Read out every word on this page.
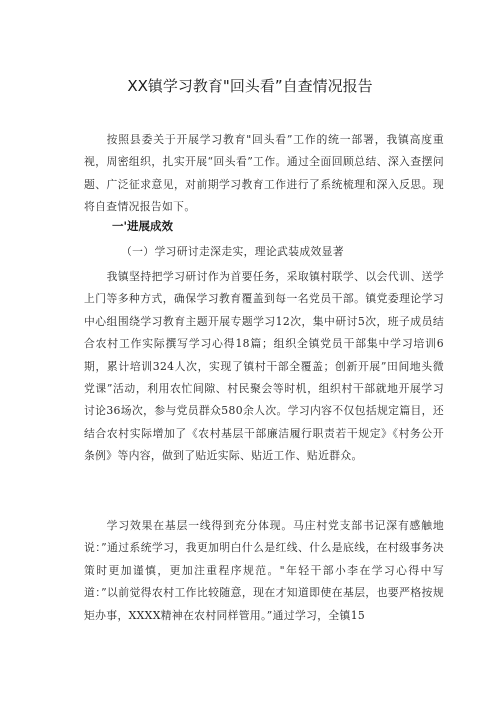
XX镇学习教育"回头看”自查情况报告

按照县委关于开展学习教育"回头看”工作的统一部署，我镇高度重视，周密组织，扎实开展“回头看”工作。通过全面回顾总结、深入查摆问题、广泛征求意见，对前期学习教育工作进行了系统梳理和深入反思。现将自查情况报告如下。

一'进展成效
（一）学习研讨走深走实，理论武装成效显著

我镇坚持把学习研讨作为首要任务，采取镇村联学、以会代训、送学上门等多种方式，确保学习教育覆盖到每一名党员干部。镇党委理论学习中心组围绕学习教育主题开展专题学习12次，集中研讨5次，班子成员结合农村工作实际撰写学习心得18篇；组织全镇党员干部集中学习培训6期，累计培训324人次，实现了镇村干部全覆盖；创新开展”田间地头微党课”活动，利用农忙间隙、村民聚会等时机，组织村干部就地开展学习讨论36场次，参与党员群众580余人次。学习内容不仅包括规定篇目，还结合农村实际增加了《农村基层干部廉洁履行职责若干规定》《村务公开条例》等内容，做到了贴近实际、贴近工作、贴近群众。

学习效果在基层一线得到充分体现。马庄村党支部书记深有感触地说：”通过系统学习，我更加明白什么是红线、什么是底线，在村级事务决策时更加谨慎，更加注重程序规范。"年轻干部小李在学习心得中写道：”以前觉得农村工作比较随意，现在才知道即使在基层，也要严格按规矩办事，XXXX精神在农村同样管用。”通过学习，全镇15
